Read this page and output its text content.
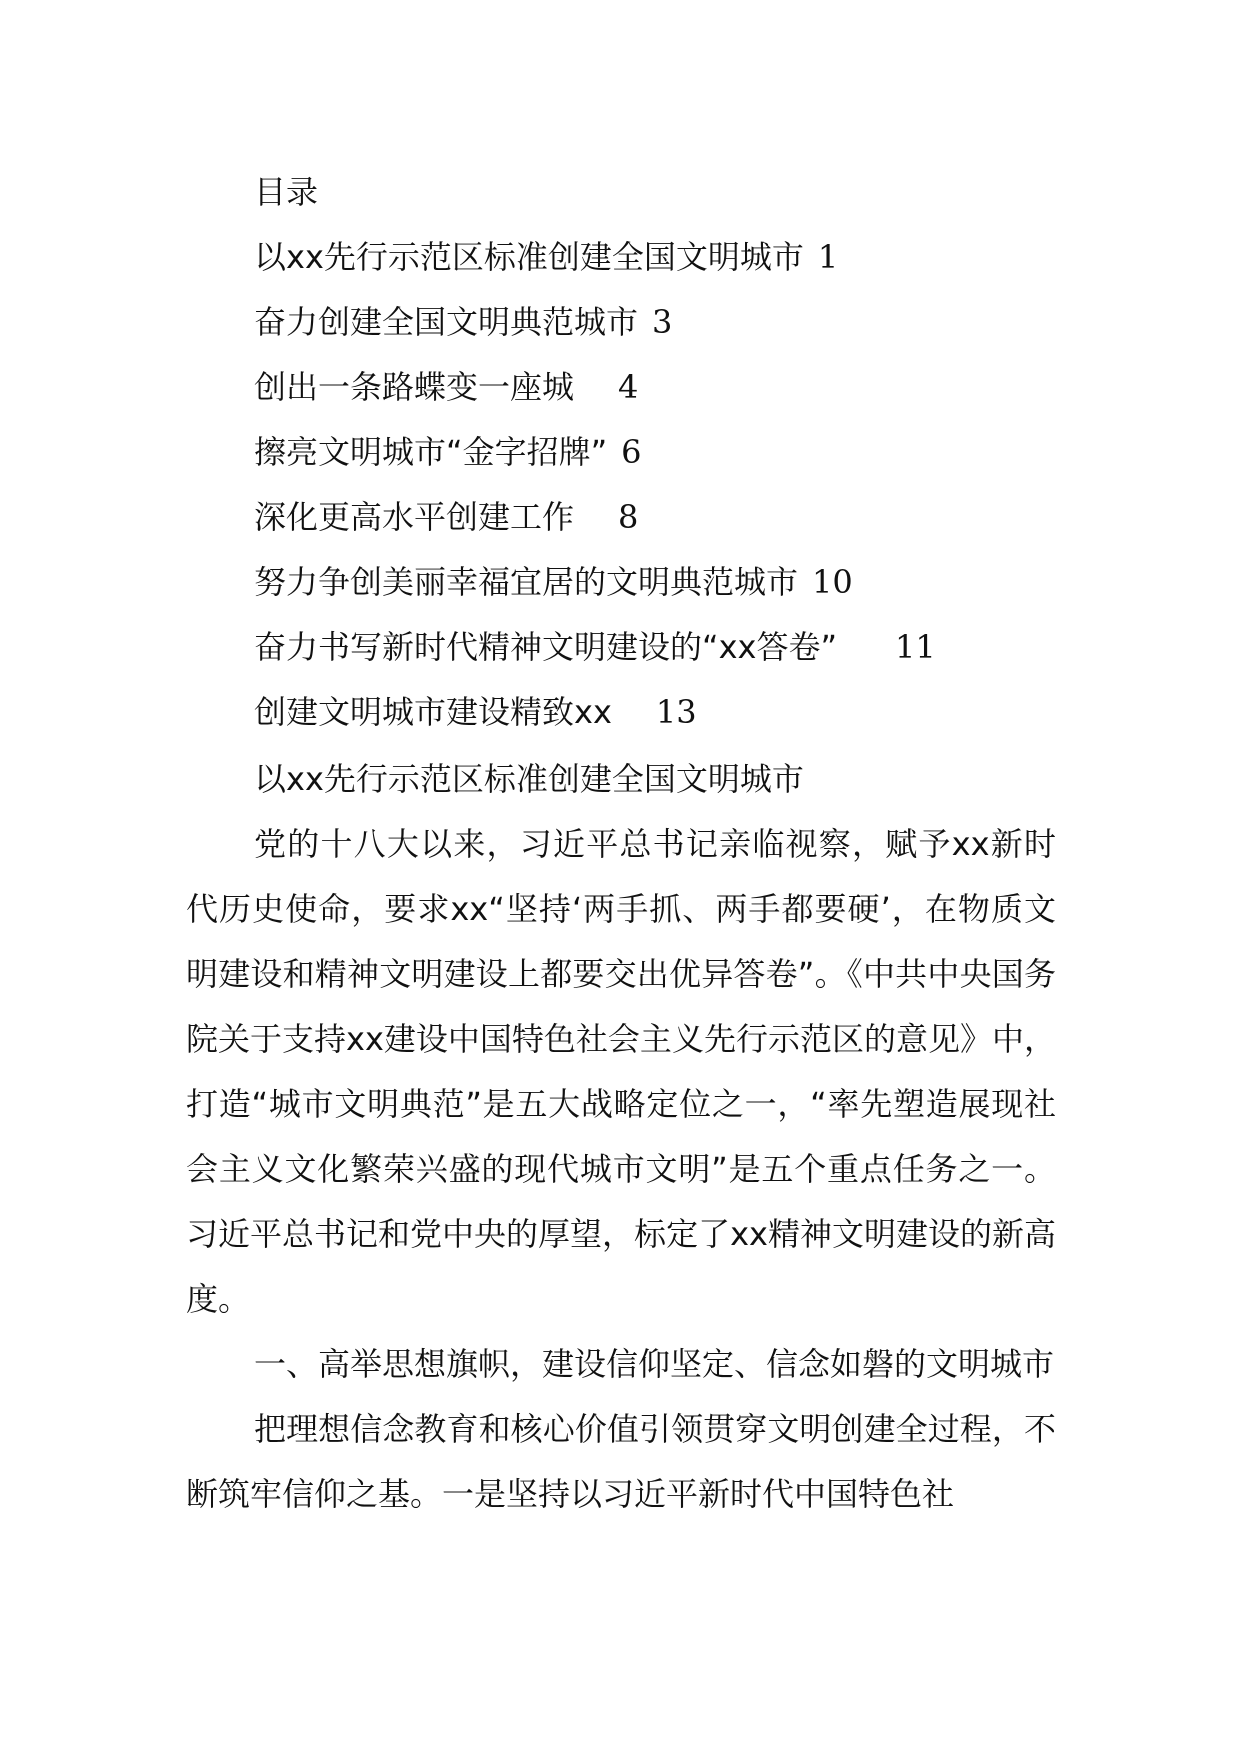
目录
以xx先行示范区标准创建全国文明城市 1
奋力创建全国文明典范城市 3
创出一条路蝶变一座城 4
擦亮文明城市“金字招牌” 6
深化更高水平创建工作 8
努力争创美丽幸福宜居的文明典范城市 10
奋力书写新时代精神文明建设的“xx答卷” 11
创建文明城市建设精致xx 13
以xx先行示范区标准创建全国文明城市

党的十八大以来，习近平总书记亲临视察，赋予xx新时代历史使命，要求xx“坚持‘两手抓、两手都要硬’，在物质文明建设和精神文明建设上都要交出优异答卷”。《中共中央国务院关于支持xx建设中国特色社会主义先行示范区的意见》中，打造“城市文明典范”是五大战略定位之一，“率先塑造展现社会主义文化繁荣兴盛的现代城市文明”是五个重点任务之一。习近平总书记和党中央的厚望，标定了xx精神文明建设的新高度。

一、高举思想旗帜，建设信仰坚定、信念如磐的文明城市

把理想信念教育和核心价值引领贯穿文明创建全过程，不断筑牢信仰之基。一是坚持以习近平新时代中国特色社
